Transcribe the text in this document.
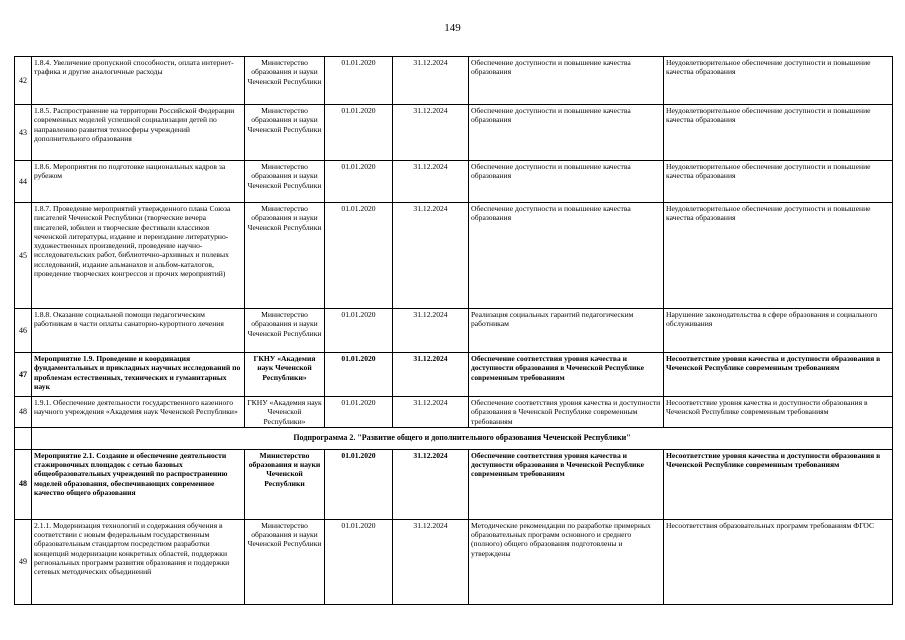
149
42	1.8.4. Увеличение пропускной способности, оплата интернет-трафика и другие аналогичные расходы	Министерство образования и науки Чеченской Республики	01.01.2020	31.12.2024	Обеспечение доступности и повышение качества образования	Неудовлетворительное обеспечение доступности и повышение качества образования
43	1.8.5. Распространение на территории Российской Федерации современных моделей успешной социализации детей по направлению развития техносферы учреждений дополнительного образования	Министерство образования и науки Чеченской Республики	01.01.2020	31.12.2024	Обеспечение доступности и повышение качества образования	Неудовлетворительное обеспечение доступности и повышение качества образования
44	1.8.6. Мероприятия по подготовке национальных кадров за рубежом	Министерство образования и науки Чеченской Республики	01.01.2020	31.12.2024	Обеспечение доступности и повышение качества образования	Неудовлетворительное обеспечение доступности и повышение качества образования
45	1.8.7. Проведение мероприятий утвержденного плана Союза писателей Чеченской Республики (творческие вечера писателей, юбилеи и творческие фестивали классиков чеченской литературы, издание и переиздание литературно-художественных произведений, проведение научно-исследовательских работ, библиотечно-архивных и полевых исследований, издание альманахов и альбом-каталогов, проведение творческих конгрессов и прочих мероприятий)	Министерство образования и науки Чеченской Республики	01.01.2020	31.12.2024	Обеспечение доступности и повышение качества образования	Неудовлетворительное обеспечение доступности и повышение качества образования
46	1.8.8. Оказание социальной помощи педагогическим работникам в части оплаты санаторно-курортного лечения	Министерство образования и науки Чеченской Республики	01.01.2020	31.12.2024	Реализация социальных гарантий педагогическим работникам	Нарушение законодательства в сфере образования и социального обслуживания
47	Мероприятие 1.9. Проведение и координация фундаментальных и прикладных научных исследований по проблемам естественных, технических и гуманитарных наук	ГКНУ «Академия наук Чеченской Республики»	01.01.2020	31.12.2024	Обеспечение соответствия уровня качества и доступности образования в Чеченской Республике современным требованиям	Несоответствие уровня качества и доступности образования в Чеченской Республике современным требованиям
48	1.9.1. Обеспечение деятельности государственного казенного научного учреждения «Академия наук Чеченской Республики»	ГКНУ «Академия наук Чеченской Республики»	01.01.2020	31.12.2024	Обеспечение соответствия уровня качества и доступности образования в Чеченской Республике современным требованиям	Несоответствие уровня качества и доступности образования в Чеченской Республике современным требованиям
	Подпрограмма 2. "Развитие общего и дополнительного образования Чеченской Республики"					
48	Мероприятие 2.1. Создание и обеспечение деятельности стажировочных площадок с сетью базовых общеобразовательных учреждений по распространению моделей образования, обеспечивающих современное качество общего образования	Министерство образования и науки Чеченской Республики	01.01.2020	31.12.2024	Обеспечение соответствия уровня качества и доступности образования в Чеченской Республике современным требованиям	Несоответствие уровня качества и доступности образования в Чеченской Республике современным требованиям
49	2.1.1. Модернизация технологий и содержания обучения в соответствии с новым федеральным государственным образовательным стандартом посредством разработки концепций модернизации конкретных областей, поддержки региональных программ развития образования и поддержки сетевых методических объединений	Министерство образования и науки Чеченской Республики	01.01.2020	31.12.2024	Методические рекомендации по разработке примерных образовательных программ основного и среднего (полного) общего образования подготовлены и утверждены	Несоответствия образовательных программ требованиям ФГОС
